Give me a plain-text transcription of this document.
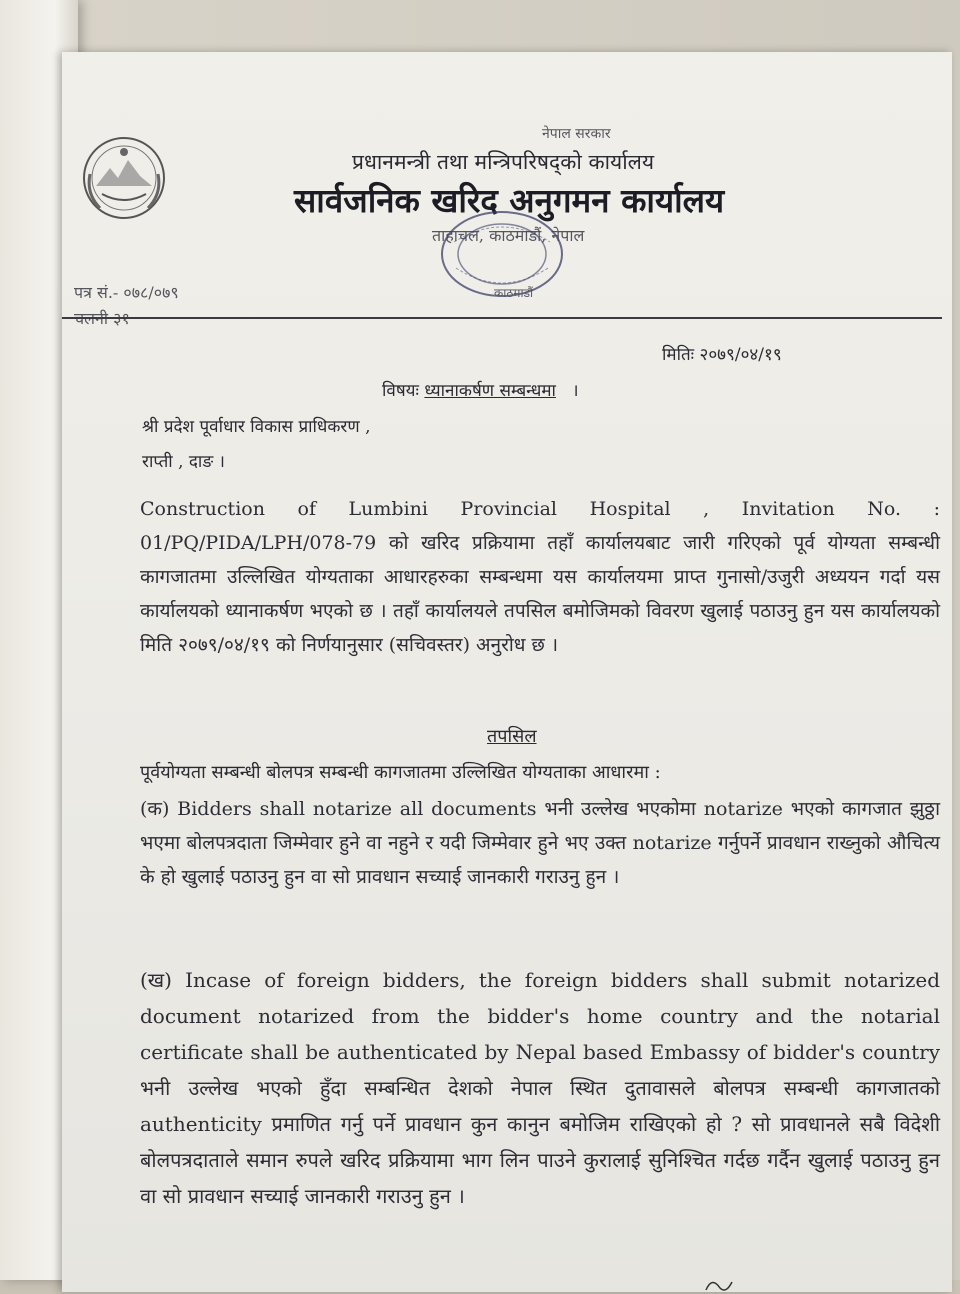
नेपाल सरकार
प्रधानमन्त्री तथा मन्त्रिपरिषद्को कार्यालय
सार्वजनिक खरिद अनुगमन कार्यालय
ताहाचल, काठमाडौं, नेपाल
काठमाडौं
पत्र सं.- ०७८/०७९
मितिः २०७९/०४/१९
विषयः ध्यानाकर्षण सम्बन्धमा ।
श्री प्रदेश पूर्वाधार विकास प्राधिकरण ,
राप्ती , दाङ ।
Construction of Lumbini Provincial Hospital , Invitation No. : 01/PQ/PIDA/LPH/078-79 को खरिद प्रक्रियामा तहाँ कार्यालयबाट जारी गरिएको पूर्व योग्यता सम्बन्धी कागजातमा उल्लिखित योग्यताका आधारहरुका सम्बन्धमा यस कार्यालयमा प्राप्त गुनासो/उजुरी अध्ययन गर्दा यस कार्यालयको ध्यानाकर्षण भएको छ । तहाँ कार्यालयले तपसिल बमोजिमको विवरण खुलाई पठाउनु हुन यस कार्यालयको मिति २०७९/०४/१९ को निर्णयानुसार (सचिवस्तर) अनुरोध छ ।
तपसिल
पूर्वयोग्यता सम्बन्धी बोलपत्र सम्बन्धी कागजातमा उल्लिखित योग्यताका आधारमा :
(क) Bidders shall notarize all documents भनी उल्लेख भएकोमा notarize भएको कागजात झुठ्ठा भएमा बोलपत्रदाता जिम्मेवार हुने वा नहुने र यदी जिम्मेवार हुने भए उक्त notarize गर्नुपर्ने प्रावधान राख्नुको औचित्य के हो खुलाई पठाउनु हुन वा सो प्रावधान सच्याई जानकारी गराउनु हुन ।
(ख) Incase of foreign bidders, the foreign bidders shall submit notarized document notarized from the bidder's home country and the notarial certificate shall be authenticated by Nepal based Embassy of bidder's country भनी उल्लेख भएको हुँदा सम्बन्धित देशको नेपाल स्थित दुतावासले बोलपत्र सम्बन्धी कागजातको authenticity प्रमाणित गर्नु पर्ने प्रावधान कुन कानुन बमोजिम राखिएको हो ? सो प्रावधानले सबै विदेशी बोलपत्रदाताले समान रुपले खरिद प्रक्रियामा भाग लिन पाउने कुरालाई सुनिश्चित गर्दछ गर्दैन खुलाई पठाउनु हुन वा सो प्रावधान सच्याई जानकारी गराउनु हुन ।
